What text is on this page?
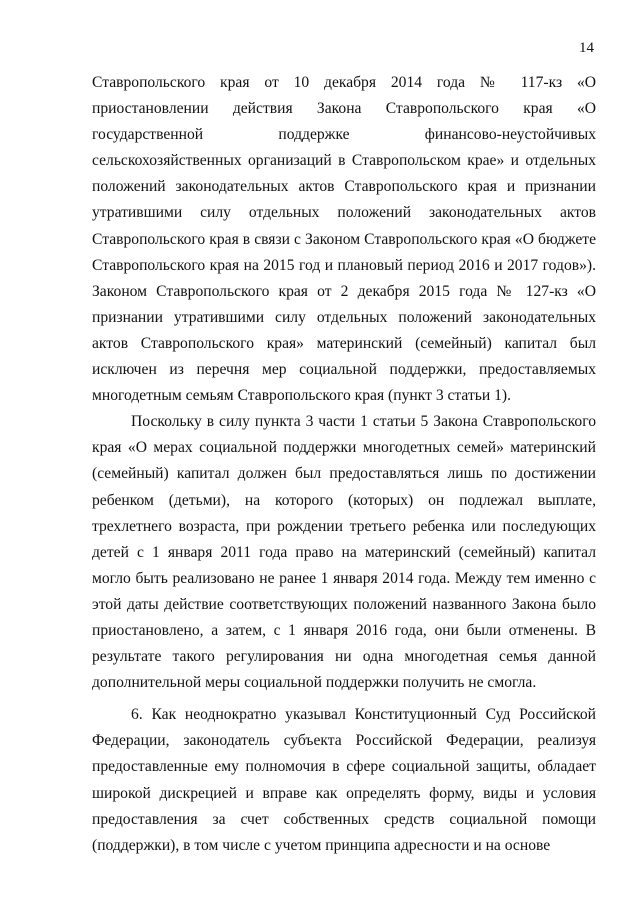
14

Ставропольского края от 10 декабря 2014 года № 117-кз «О приостановлении действия Закона Ставропольского края «О государственной поддержке финансово-неустойчивых сельскохозяйственных организаций в Ставропольском крае» и отдельных положений законодательных актов Ставропольского края и признании утратившими силу отдельных положений законодательных актов Ставропольского края в связи с Законом Ставропольского края «О бюджете Ставропольского края на 2015 год и плановый период 2016 и 2017 годов»). Законом Ставропольского края от 2 декабря 2015 года № 127-кз «О признании утратившими силу отдельных положений законодательных актов Ставропольского края» материнский (семейный) капитал был исключен из перечня мер социальной поддержки, предоставляемых многодетным семьям Ставропольского края (пункт 3 статьи 1).

Поскольку в силу пункта 3 части 1 статьи 5 Закона Ставропольского края «О мерах социальной поддержки многодетных семей» материнский (семейный) капитал должен был предоставляться лишь по достижении ребенком (детьми), на которого (которых) он подлежал выплате, трехлетнего возраста, при рождении третьего ребенка или последующих детей с 1 января 2011 года право на материнский (семейный) капитал могло быть реализовано не ранее 1 января 2014 года. Между тем именно с этой даты действие соответствующих положений названного Закона было приостановлено, а затем, с 1 января 2016 года, они были отменены. В результате такого регулирования ни одна многодетная семья данной дополнительной меры социальной поддержки получить не смогла.

6. Как неоднократно указывал Конституционный Суд Российской Федерации, законодатель субъекта Российской Федерации, реализуя предоставленные ему полномочия в сфере социальной защиты, обладает широкой дискрецией и вправе как определять форму, виды и условия предоставления за счет собственных средств социальной помощи (поддержки), в том числе с учетом принципа адресности и на основе
